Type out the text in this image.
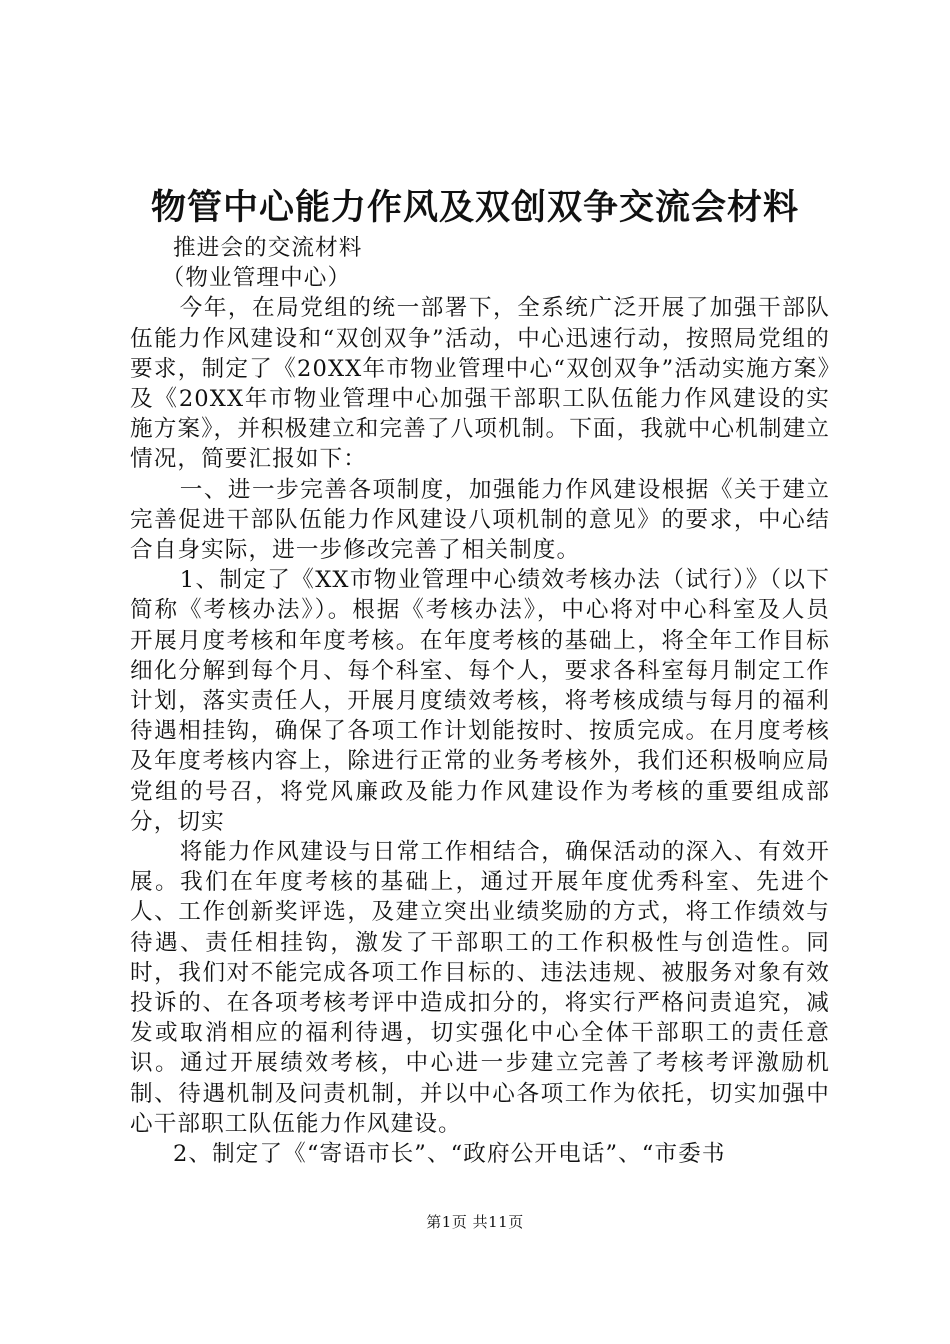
物管中心能力作风及双创双争交流会材料

推进会的交流材料

（物业管理中心）

今年，在局党组的统一部署下，全系统广泛开展了加强干部队伍能力作风建设和“双创双争”活动，中心迅速行动，按照局党组的要求，制定了《20XX年市物业管理中心“双创双争”活动实施方案》及《20XX年市物业管理中心加强干部职工队伍能力作风建设的实施方案》，并积极建立和完善了八项机制。下面，我就中心机制建立情况，简要汇报如下：

一、进一步完善各项制度，加强能力作风建设根据《关于建立完善促进干部队伍能力作风建设八项机制的意见》的要求，中心结合自身实际，进一步修改完善了相关制度。

1、制定了《XX市物业管理中心绩效考核办法（试行）》（以下简称《考核办法》）。根据《考核办法》，中心将对中心科室及人员开展月度考核和年度考核。在年度考核的基础上，将全年工作目标细化分解到每个月、每个科室、每个人，要求各科室每月制定工作计划，落实责任人，开展月度绩效考核，将考核成绩与每月的福利待遇相挂钩，确保了各项工作计划能按时、按质完成。在月度考核及年度考核内容上，除进行正常的业务考核外，我们还积极响应局党组的号召，将党风廉政及能力作风建设作为考核的重要组成部分，切实

将能力作风建设与日常工作相结合，确保活动的深入、有效开展。我们在年度考核的基础上，通过开展年度优秀科室、先进个人、工作创新奖评选，及建立突出业绩奖励的方式，将工作绩效与待遇、责任相挂钩，激发了干部职工的工作积极性与创造性。同时，我们对不能完成各项工作目标的、违法违规、被服务对象有效投诉的、在各项考核考评中造成扣分的，将实行严格问责追究，减发或取消相应的福利待遇，切实强化中心全体干部职工的责任意识。通过开展绩效考核，中心进一步建立完善了考核考评激励机制、待遇机制及问责机制，并以中心各项工作为依托，切实加强中心干部职工队伍能力作风建设。

2、制定了《“寄语市长”、“政府公开电话”、“市委书

第1页 共11页
